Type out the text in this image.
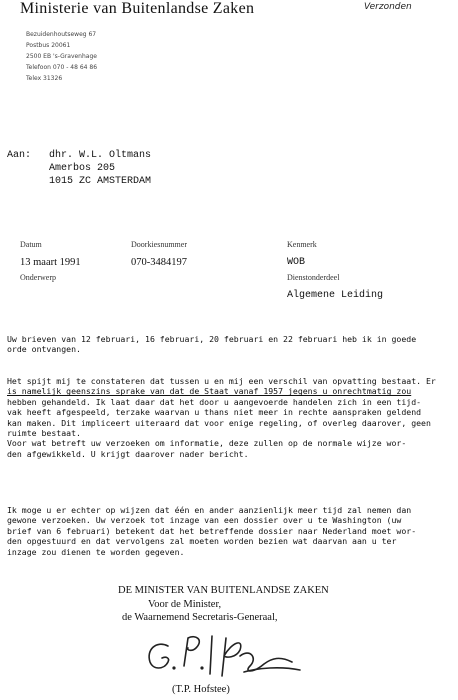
Ministerie van Buitenlandse Zaken	Verzonden
Bezuidenhoutseweg 67
Postbus 20061
2500 EB 's-Gravenhage
Telefoon 070 - 48 64 86
Telex 31326
Aan: dhr. W.L. Oltmans
Amerbos 205
1015 ZC AMSTERDAM
Datum
13 maart 1991
Doorkiesnummer
070-3484197
Kenmerk
WOB
Onderwerp	Dienstonderdeel
Algemene Leiding
Uw brieven van 12 februari, 16 februari, 20 februari en 22 februari heb ik in goede
orde ontvangen.
Het spijt mij te constateren dat tussen u en mij een verschil van opvatting bestaat. Er
is namelijk geenszins sprake van dat de Staat vanaf 1957 jegens u onrechtmatig zou
hebben gehandeld. Ik laat daar dat het door u aangevoerde handelen zich in een tijd-
vak heeft afgespeeld, terzake waarvan u thans niet meer in rechte aanspraken geldend
kan maken. Dit impliceert uiteraard dat voor enige regeling, of overleg daarover, geen
ruimte bestaat.
Voor wat betreft uw verzoeken om informatie, deze zullen op de normale wijze wor-
den afgewikkeld. U krijgt daarover nader bericht.
Ik moge u er echter op wijzen dat één en ander aanzienlijk meer tijd zal nemen dan
gewone verzoeken. Uw verzoek tot inzage van een dossier over u te Washington (uw
brief van 6 februari) betekent dat het betreffende dossier naar Nederland moet wor-
den opgestuurd en dat vervolgens zal moeten worden bezien wat daarvan aan u ter
inzage zou dienen te worden gegeven.
DE MINISTER VAN BUITENLANDSE ZAKEN
Voor de Minister,
de Waarnemend Secretaris-Generaal,
(T.P. Hofstee)
